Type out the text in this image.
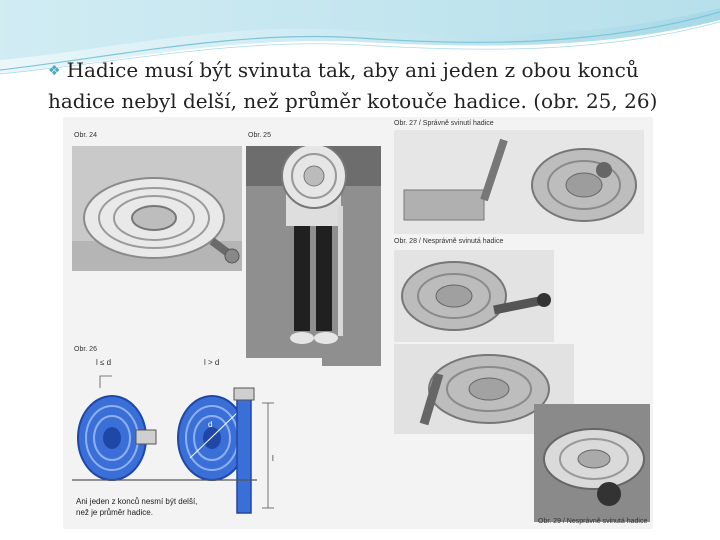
❖ Hadice musí být svinuta tak, aby ani jeden z obou konců hadice nebyl delší, než průměr kotouče hadice. (obr. 25, 26)
Obr. 24	Obr. 25
Obr. 27 / Správně svinutí hadice
Obr. 28 / Nesprávně svinutá hadice
Obr. 29 / Nesprávně svinutá hadice
Obr. 26
l ≤ d	l > d
d
l
Ani jeden z konců nesmí být delší,
než je průměr hadice.
